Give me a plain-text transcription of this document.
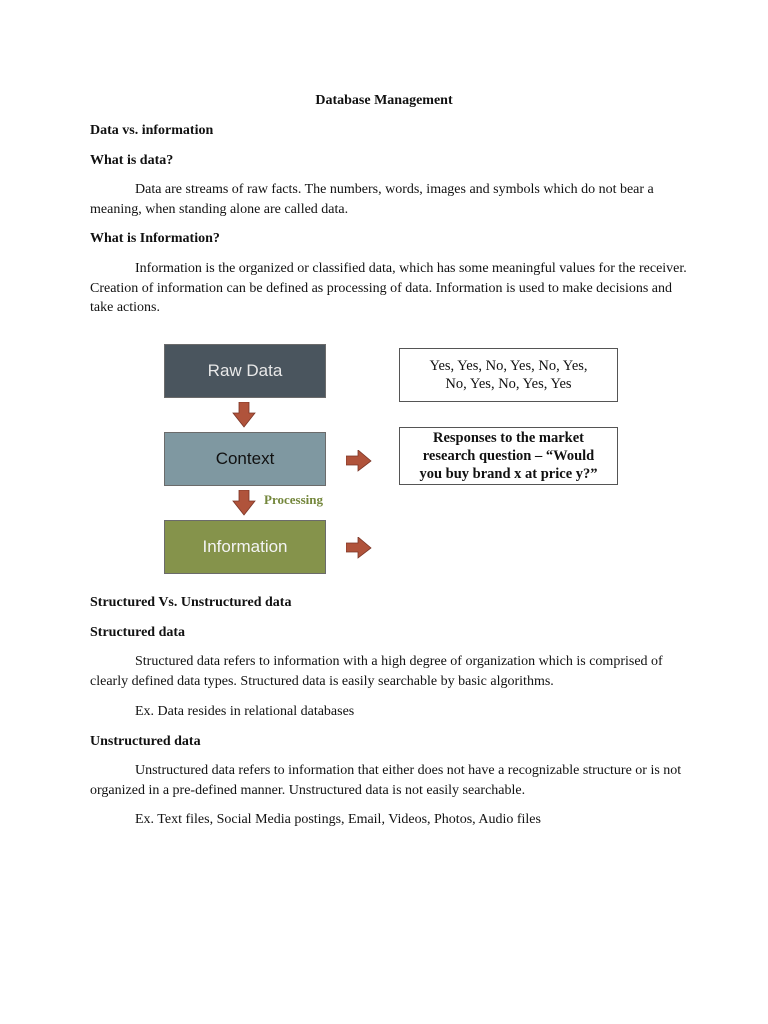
Database Management
Data vs. information
What is data?
Data are streams of raw facts. The numbers, words, images and symbols which do not bear a meaning, when standing alone are called data.
What is Information?
Information is the organized or classified data, which has some meaningful values for the receiver. Creation of information can be defined as processing of data. Information is used to make decisions and take actions.
Raw Data
Context
Information
Processing
Yes, Yes, No, Yes, No, Yes,
No, Yes, No, Yes, Yes
Responses to the market
research question – “Would
you buy brand x at price y?”
Structured Vs. Unstructured data
Structured data
Structured data refers to information with a high degree of organization which is comprised of clearly defined data types. Structured data is easily searchable by basic algorithms.
Ex. Data resides in relational databases
Unstructured data
Unstructured data refers to information that either does not have a recognizable structure or is not organized in a pre-defined manner. Unstructured data is not easily searchable.
Ex. Text files, Social Media postings, Email, Videos, Photos, Audio files
